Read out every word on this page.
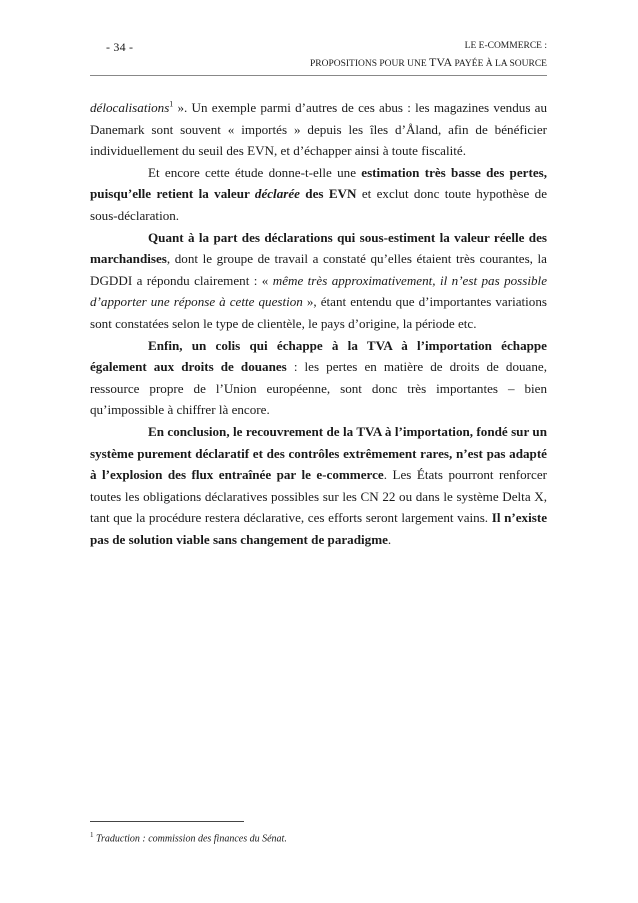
- 34 -	LE E-COMMERCE :
PROPOSITIONS POUR UNE TVA PAYÉE À LA SOURCE

délocalisations$^1$ ». Un exemple parmi d’autres de ces abus : les magazines vendus au Danemark sont souvent « importés » depuis les îles d’Åland, afin de bénéficier individuellement du seuil des EVN, et d’échapper ainsi à toute fiscalité.

Et encore cette étude donne-t-elle une estimation très basse des pertes, puisqu’elle retient la valeur déclarée des EVN et exclut donc toute hypothèse de sous-déclaration.

Quant à la part des déclarations qui sous-estiment la valeur réelle des marchandises, dont le groupe de travail a constaté qu’elles étaient très courantes, la DGDDI a répondu clairement : « même très approximativement, il n’est pas possible d’apporter une réponse à cette question », étant entendu que d’importantes variations sont constatées selon le type de clientèle, le pays d’origine, la période etc.

Enfin, un colis qui échappe à la TVA à l’importation échappe également aux droits de douanes : les pertes en matière de droits de douane, ressource propre de l’Union européenne, sont donc très importantes – bien qu’impossible à chiffrer là encore.

En conclusion, le recouvrement de la TVA à l’importation, fondé sur un système purement déclaratif et des contrôles extrêmement rares, n’est pas adapté à l’explosion des flux entraînée par le e-commerce. Les États pourront renforcer toutes les obligations déclaratives possibles sur les CN 22 ou dans le système Delta X, tant que la procédure restera déclarative, ces efforts seront largement vains. Il n’existe pas de solution viable sans changement de paradigme.

$^1$ Traduction : commission des finances du Sénat.
